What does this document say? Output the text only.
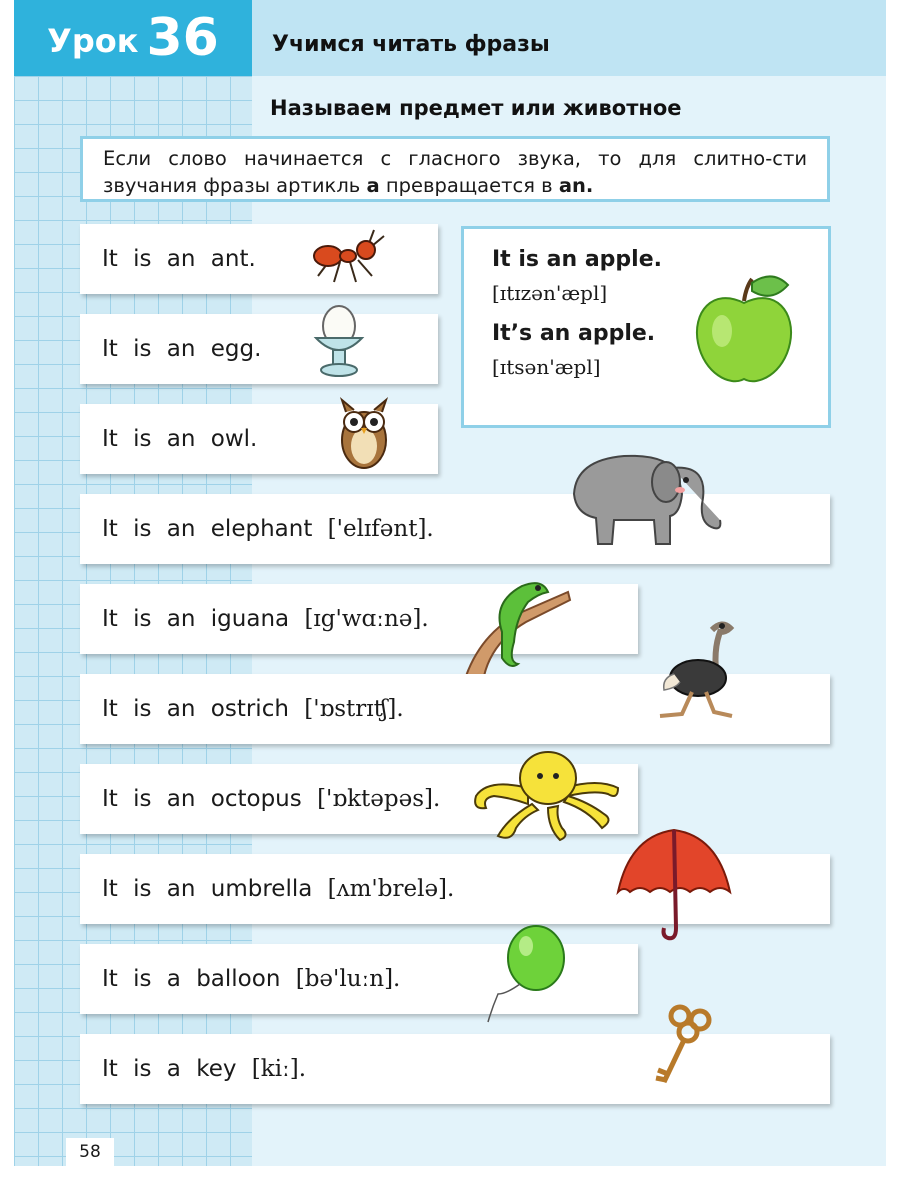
Урок 36 Учимся читать фразы
Называем предмет или животное
Если слово начинается с гласного звука, то для слитно-сти звучания фразы артикль a превращается в an.
It is an apple.
[ɪtɪzən'æpl]
It’s an apple.
[ɪtsən'æpl]
It is an ant.
It is an egg.
It is an owl.
It is an elephant ['elɪfənt].
It is an iguana [ɪg'wɑːnə].
It is an ostrich ['ɒstrɪʧ].
It is an octopus ['ɒktəpəs].
It is an umbrella [ʌm'brelə].
It is a balloon [bə'luːn].
It is a key [kiː].
58
